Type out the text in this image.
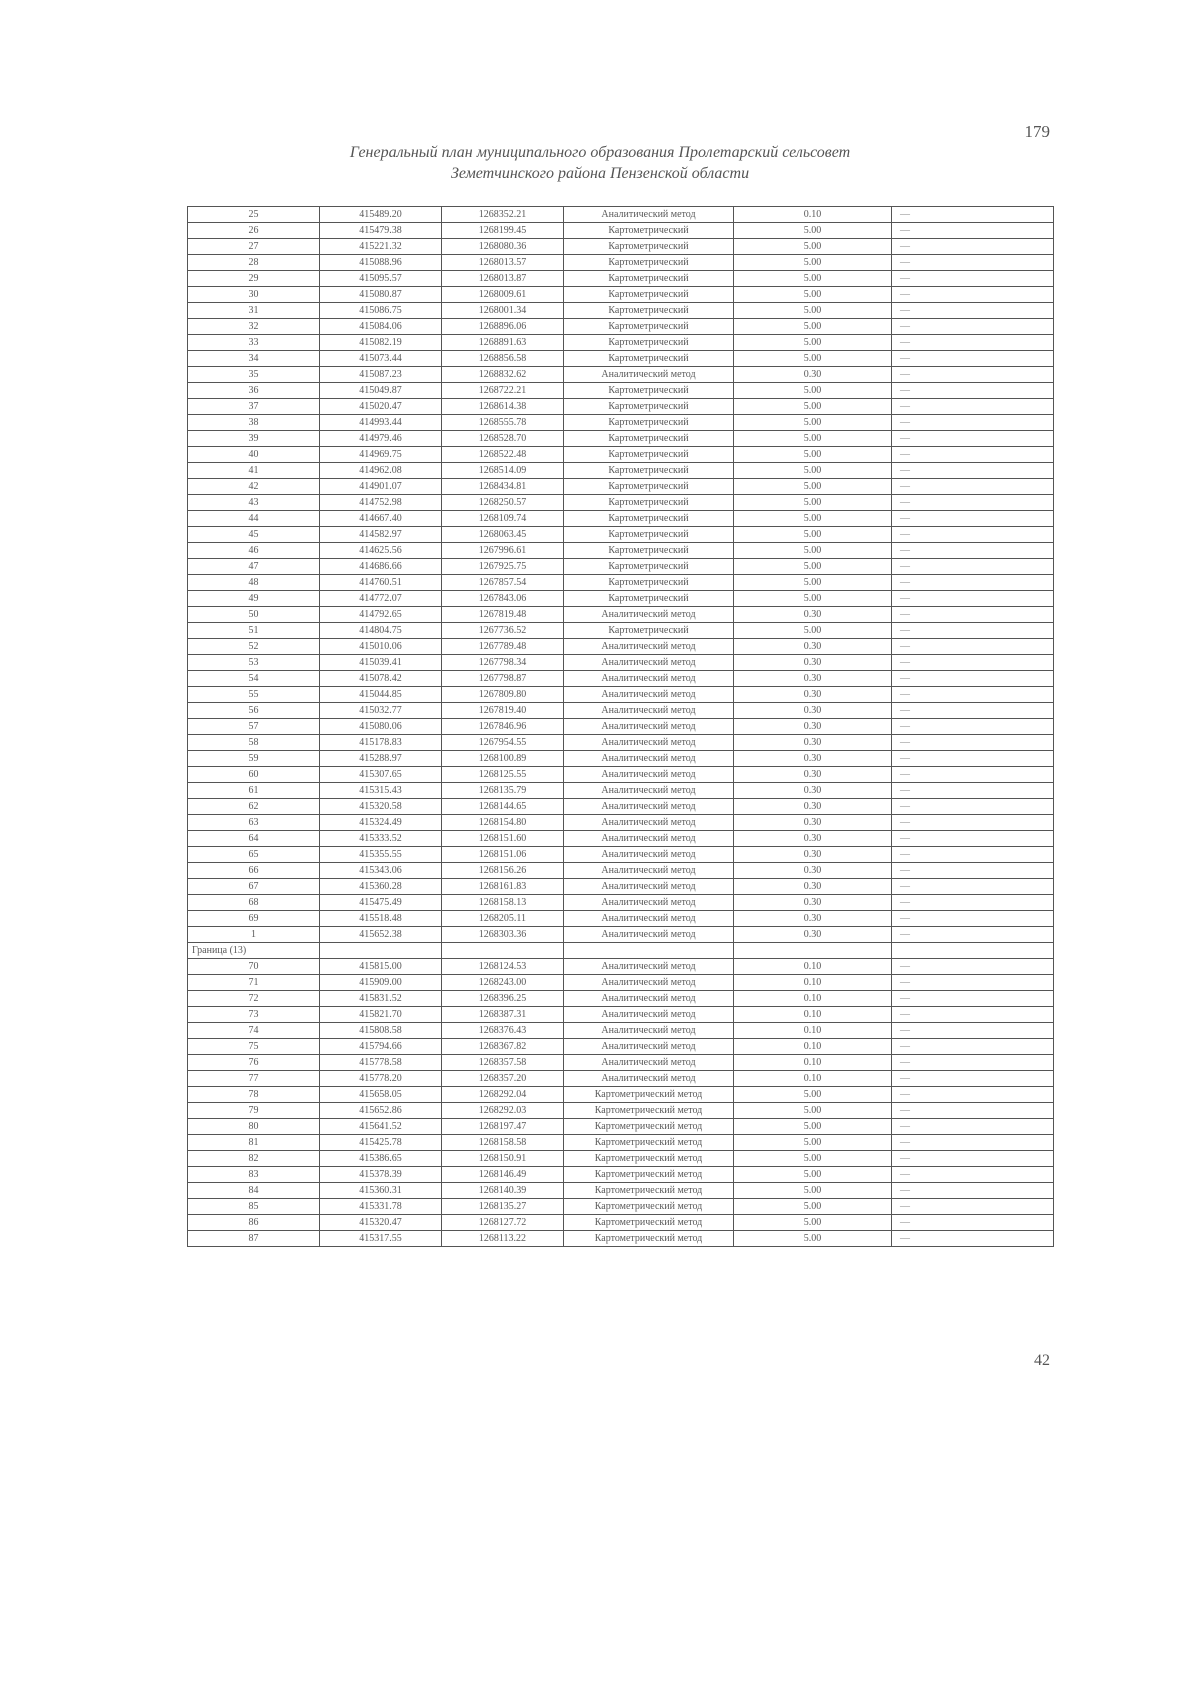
179
Генеральный план муниципального образования Пролетарский сельсовет
Земетчинского района Пензенской области
25	415489.20	1268352.21	Аналитический метод	0.10	—
26	415479.38	1268199.45	Картометрический	5.00	—
27	415221.32	1268080.36	Картометрический	5.00	—
28	415088.96	1268013.57	Картометрический	5.00	—
29	415095.57	1268013.87	Картометрический	5.00	—
30	415080.87	1268009.61	Картометрический	5.00	—
31	415086.75	1268001.34	Картометрический	5.00	—
32	415084.06	1268896.06	Картометрический	5.00	—
33	415082.19	1268891.63	Картометрический	5.00	—
34	415073.44	1268856.58	Картометрический	5.00	—
35	415087.23	1268832.62	Аналитический метод	0.30	—
36	415049.87	1268722.21	Картометрический	5.00	—
37	415020.47	1268614.38	Картометрический	5.00	—
38	414993.44	1268555.78	Картометрический	5.00	—
39	414979.46	1268528.70	Картометрический	5.00	—
40	414969.75	1268522.48	Картометрический	5.00	—
41	414962.08	1268514.09	Картометрический	5.00	—
42	414901.07	1268434.81	Картометрический	5.00	—
43	414752.98	1268250.57	Картометрический	5.00	—
44	414667.40	1268109.74	Картометрический	5.00	—
45	414582.97	1268063.45	Картометрический	5.00	—
46	414625.56	1267996.61	Картометрический	5.00	—
47	414686.66	1267925.75	Картометрический	5.00	—
48	414760.51	1267857.54	Картометрический	5.00	—
49	414772.07	1267843.06	Картометрический	5.00	—
50	414792.65	1267819.48	Аналитический метод	0.30	—
51	414804.75	1267736.52	Картометрический	5.00	—
52	415010.06	1267789.48	Аналитический метод	0.30	—
53	415039.41	1267798.34	Аналитический метод	0.30	—
54	415078.42	1267798.87	Аналитический метод	0.30	—
55	415044.85	1267809.80	Аналитический метод	0.30	—
56	415032.77	1267819.40	Аналитический метод	0.30	—
57	415080.06	1267846.96	Аналитический метод	0.30	—
58	415178.83	1267954.55	Аналитический метод	0.30	—
59	415288.97	1268100.89	Аналитический метод	0.30	—
60	415307.65	1268125.55	Аналитический метод	0.30	—
61	415315.43	1268135.79	Аналитический метод	0.30	—
62	415320.58	1268144.65	Аналитический метод	0.30	—
63	415324.49	1268154.80	Аналитический метод	0.30	—
64	415333.52	1268151.60	Аналитический метод	0.30	—
65	415355.55	1268151.06	Аналитический метод	0.30	—
66	415343.06	1268156.26	Аналитический метод	0.30	—
67	415360.28	1268161.83	Аналитический метод	0.30	—
68	415475.49	1268158.13	Аналитический метод	0.30	—
69	415518.48	1268205.11	Аналитический метод	0.30	—
1	415652.38	1268303.36	Аналитический метод	0.30	—
Граница (13)					
70	415815.00	1268124.53	Аналитический метод	0.10	—
71	415909.00	1268243.00	Аналитический метод	0.10	—
72	415831.52	1268396.25	Аналитический метод	0.10	—
73	415821.70	1268387.31	Аналитический метод	0.10	—
74	415808.58	1268376.43	Аналитический метод	0.10	—
75	415794.66	1268367.82	Аналитический метод	0.10	—
76	415778.58	1268357.58	Аналитический метод	0.10	—
77	415778.20	1268357.20	Аналитический метод	0.10	—
78	415658.05	1268292.04	Картометрический метод	5.00	—
79	415652.86	1268292.03	Картометрический метод	5.00	—
80	415641.52	1268197.47	Картометрический метод	5.00	—
81	415425.78	1268158.58	Картометрический метод	5.00	—
82	415386.65	1268150.91	Картометрический метод	5.00	—
83	415378.39	1268146.49	Картометрический метод	5.00	—
84	415360.31	1268140.39	Картометрический метод	5.00	—
85	415331.78	1268135.27	Картометрический метод	5.00	—
86	415320.47	1268127.72	Картометрический метод	5.00	—
87	415317.55	1268113.22	Картометрический метод	5.00	—
42
